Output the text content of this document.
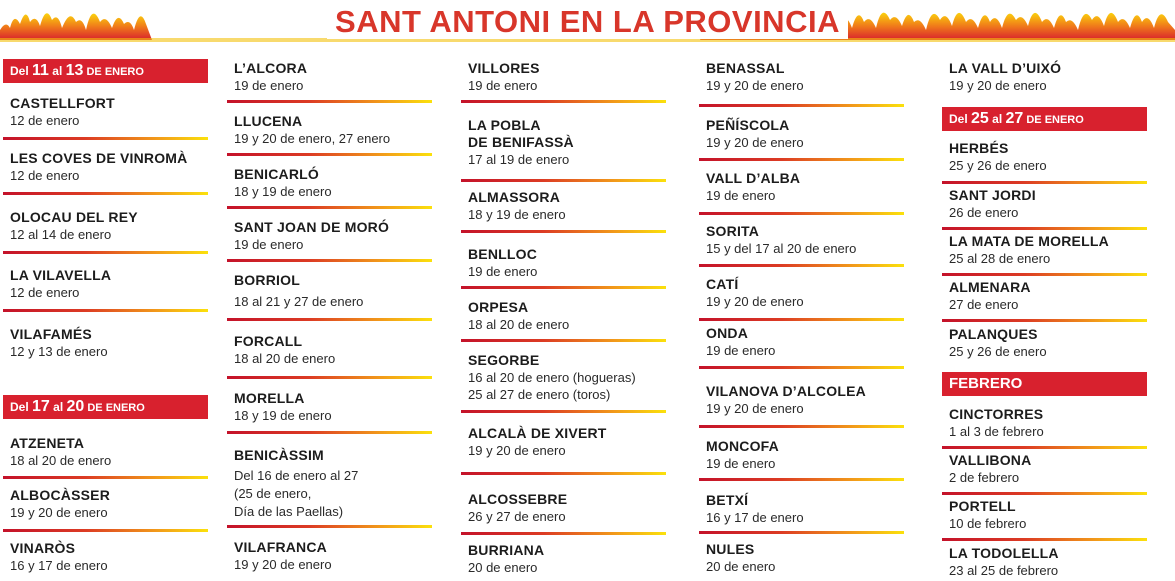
SANT ANTONI EN LA PROVINCIA
Del 11 al 13 DE ENERO
CASTELLFORT
12 de enero
LES COVES DE VINROMÀ
12 de enero
OLOCAU DEL REY
12 al 14 de enero
LA VILAVELLA
12 de enero
VILAFAMÉS
12 y 13 de enero
Del 17 al 20 DE ENERO
ATZENETA
18 al 20 de enero
ALBOCÀSSER
19 y 20 de enero
VINARÒS
16 y 17 de enero
L’ALCORA
19 de enero
LLUCENA
19 y 20 de enero, 27 enero
BENICARLÓ
18 y 19 de enero
SANT JOAN DE MORÓ
19 de enero
BORRIOL
18 al 21 y 27 de enero
FORCALL
18 al 20 de enero
MORELLA
18 y 19 de enero
BENICÀSSIM
Del 16 de enero al 27
(25 de enero,
Día de las Paellas)
VILAFRANCA
19 y 20 de enero
VILLORES
19 de enero
LA POBLA
DE BENIFASSÀ
17 al 19 de enero
ALMASSORA
18 y 19 de enero
BENLLOC
19 de enero
ORPESA
18 al 20 de enero
SEGORBE
16 al 20 de enero (hogueras)
25 al 27 de enero (toros)
ALCALÀ DE XIVERT
19 y 20 de enero
ALCOSSEBRE
26 y 27 de enero
BURRIANA
20 de enero
BENASSAL
19 y 20 de enero
PEÑÍSCOLA
19 y 20 de enero
VALL D’ALBA
19 de enero
SORITA
15 y del 17 al 20 de enero
CATÍ
19 y 20 de enero
ONDA
19 de enero
VILANOVA D’ALCOLEA
19 y 20 de enero
MONCOFA
19 de enero
BETXÍ
16 y 17 de enero
NULES
20 de enero
LA VALL D’UIXÓ
19 y 20 de enero
Del 25 al 27 DE ENERO
HERBÉS
25 y 26 de enero
SANT JORDI
26 de enero
LA MATA DE MORELLA
25 al 28 de enero
ALMENARA
27 de enero
PALANQUES
25 y 26 de enero
FEBRERO
CINCTORRES
1 al 3 de febrero
VALLIBONA
2 de febrero
PORTELL
10 de febrero
LA TODOLELLA
23 al 25 de febrero
